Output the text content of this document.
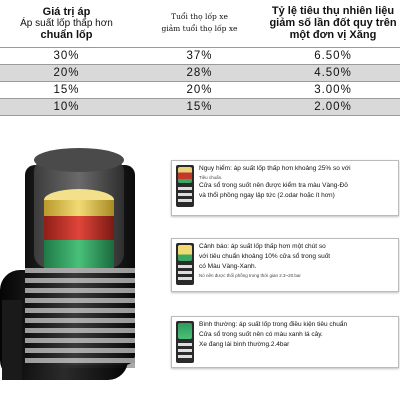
Giá trị áp
Áp suất lốp thấp hơn
chuẩn lốp
Tuổi thọ lốp xe
giảm tuổi thọ lốp xe
Tỷ lệ tiêu thụ nhiên liệu
giảm số lần đốt quy trên
một đơn vị Xăng
30%	37%	6.50%
20%	28%	4.50%
15%	20%	3.00%
10%	15%	2.00%
Nguy hiểm: áp suất lốp thấp hơn khoảng 25% so với
Tiêu chuẩn.
Cửa sổ trong suốt nên được kiểm tra màu Vàng-Đỏ
và thổi phồng ngay lập tức (2.odar hoặc ít hơn)
Cảnh báo: áp suất lốp thấp hơn một chút so
với tiêu chuẩn khoảng 10% cửa sổ trong suốt
có Màu Vàng-Xanh.
Nó nên được thổi phồng trong thời gian 2.3~20.bar
Bình thường: áp suất lốp trong điều kiện tiêu chuẩn
Cửa sổ trong suốt nên có màu xanh lá cây.
Xe đang lái bình thường.2.4bar
